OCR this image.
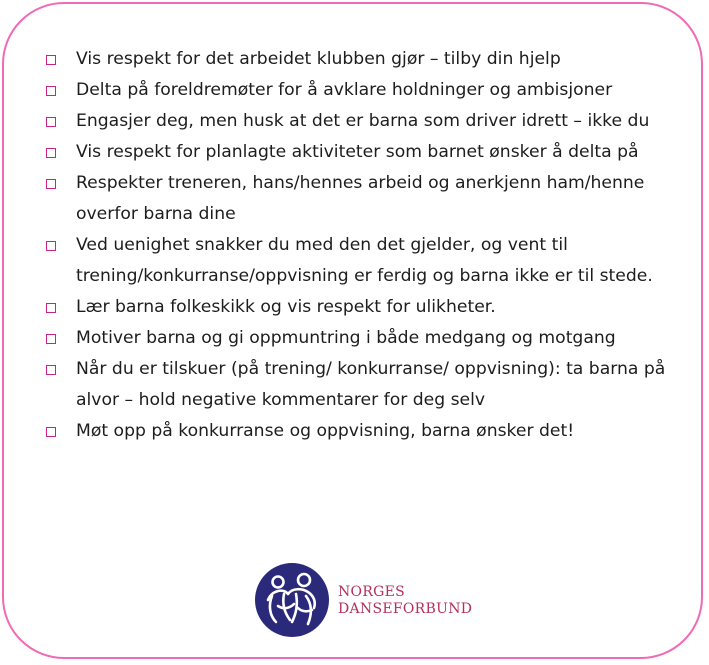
Vis respekt for det arbeidet klubben gjør – tilby din hjelp
Delta på foreldremøter for å avklare holdninger og ambisjoner
Engasjer deg, men husk at det er barna som driver idrett – ikke du
Vis respekt for planlagte aktiviteter som barnet ønsker å delta på
Respekter treneren, hans/hennes arbeid og anerkjenn ham/henne overfor barna dine
Ved uenighet snakker du med den det gjelder, og vent til trening/konkurranse/oppvisning er ferdig og barna ikke er til stede.
Lær barna folkeskikk og vis respekt for ulikheter.
Motiver barna og gi oppmuntring i både medgang og motgang
Når du er tilskuer (på trening/ konkurranse/ oppvisning): ta barna på alvor – hold negative kommentarer for deg selv
Møt opp på konkurranse og oppvisning, barna ønsker det!
NORGES
DANSEFORBUND
